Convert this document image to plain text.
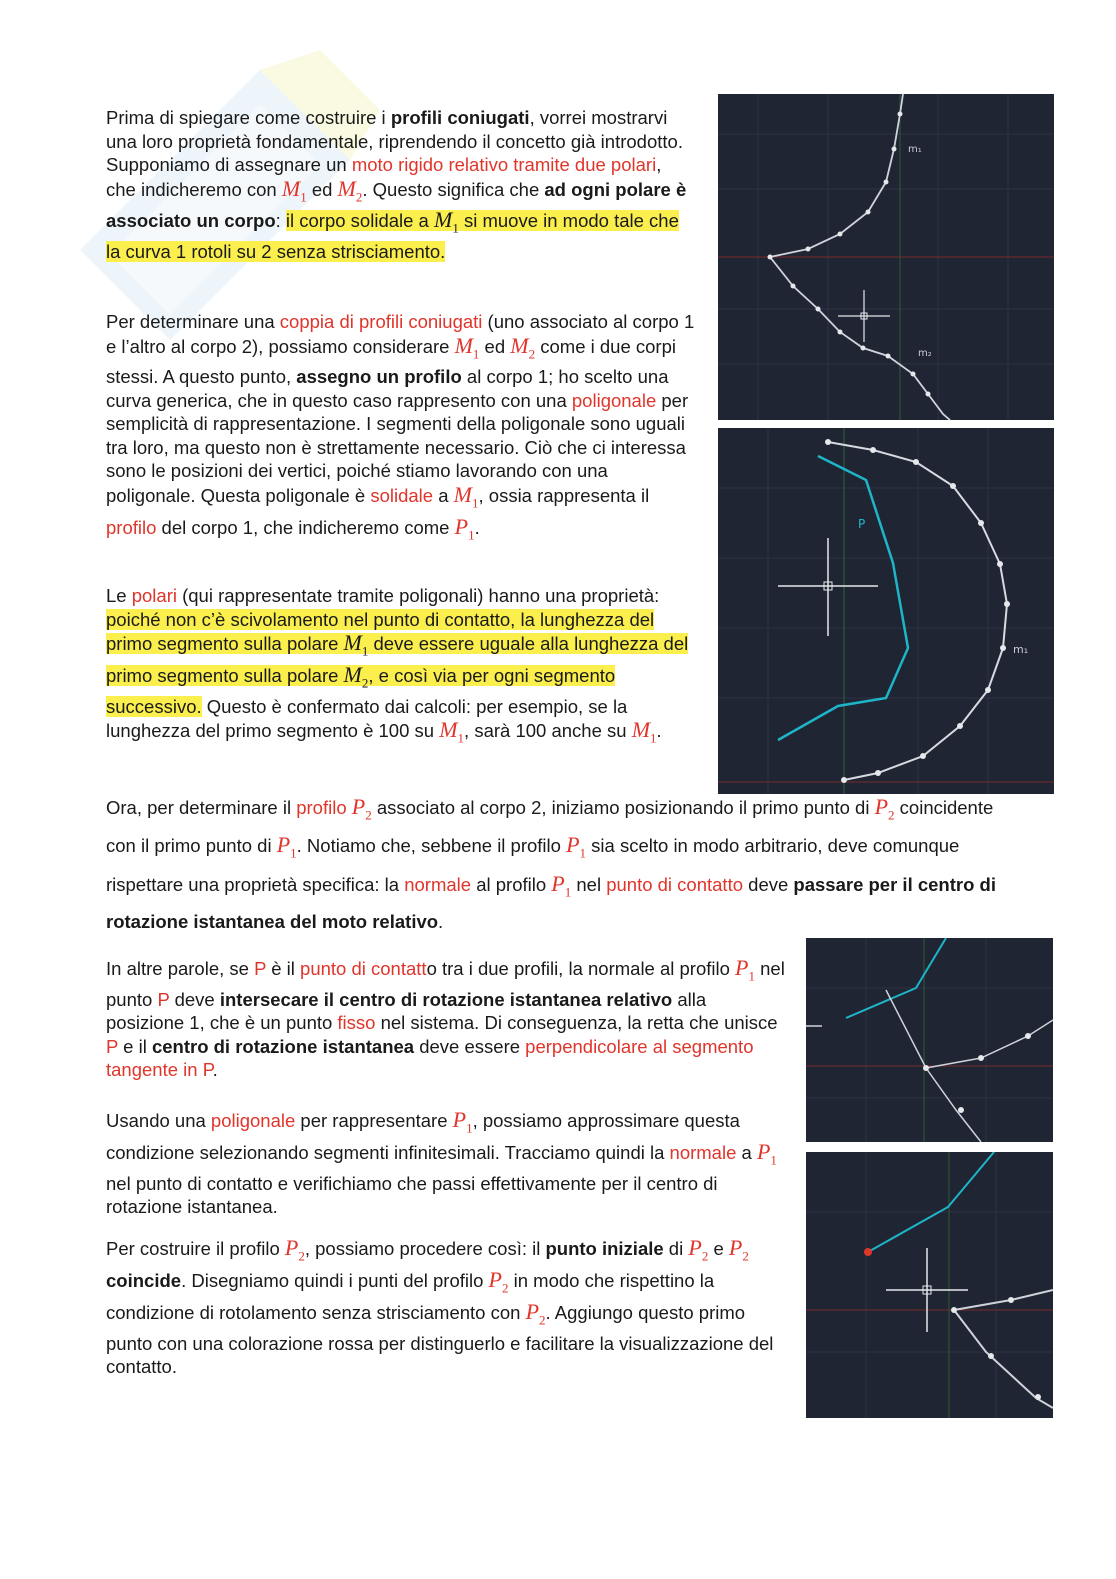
Prima di spiegare come costruire i profili coniugati, vorrei mostrarvi una loro proprietà fondamentale, riprendendo il concetto già introdotto. Supponiamo di assegnare un moto rigido relativo tramite due polari, che indicheremo con $M_1$ ed $M_2$. Questo significa che ad ogni polare è associato un corpo: il corpo solidale a $M_1$ si muove in modo tale che la curva 1 rotoli su 2 senza strisciamento.

Per determinare una coppia di profili coniugati (uno associato al corpo 1 e l’altro al corpo 2), possiamo considerare $M_1$ ed $M_2$ come i due corpi stessi. A questo punto, assegno un profilo al corpo 1; ho scelto una curva generica, che in questo caso rappresento con una poligonale per semplicità di rappresentazione. I segmenti della poligonale sono uguali tra loro, ma questo non è strettamente necessario. Ciò che ci interessa sono le posizioni dei vertici, poiché stiamo lavorando con una poligonale. Questa poligonale è solidale a $M_1$, ossia rappresenta il profilo del corpo 1, che indicheremo come $P_1$.

Le polari (qui rappresentate tramite poligonali) hanno una proprietà: poiché non c’è scivolamento nel punto di contatto, la lunghezza del primo segmento sulla polare $M_1$ deve essere uguale alla lunghezza del primo segmento sulla polare $M_2$, e così via per ogni segmento successivo. Questo è confermato dai calcoli: per esempio, se la lunghezza del primo segmento è 100 su $M_1$, sarà 100 anche su $M_1$.

Ora, per determinare il profilo $P_2$ associato al corpo 2, iniziamo posizionando il primo punto di $P_2$ coincidente con il primo punto di $P_1$. Notiamo che, sebbene il profilo $P_1$ sia scelto in modo arbitrario, deve comunque rispettare una proprietà specifica: la normale al profilo $P_1$ nel punto di contatto deve passare per il centro di rotazione istantanea del moto relativo.

In altre parole, se P è il punto di contatto tra i due profili, la normale al profilo $P_1$ nel punto P deve intersecare il centro di rotazione istantanea relativo alla posizione 1, che è un punto fisso nel sistema. Di conseguenza, la retta che unisce P e il centro di rotazione istantanea deve essere perpendicolare al segmento tangente in P.

Usando una poligonale per rappresentare $P_1$, possiamo approssimare questa condizione selezionando segmenti infinitesimali. Tracciamo quindi la normale a $P_1$ nel punto di contatto e verifichiamo che passi effettivamente per il centro di rotazione istantanea.

Per costruire il profilo $P_2$, possiamo procedere così: il punto iniziale di $P_2$ e $P_2$ coincide. Disegniamo quindi i punti del profilo $P_2$ in modo che rispettino la condizione di rotolamento senza strisciamento con $P_2$. Aggiungo questo primo punto con una colorazione rossa per distinguerlo e facilitare la visualizzazione del contatto.

m₁
m₂
P
m₁
